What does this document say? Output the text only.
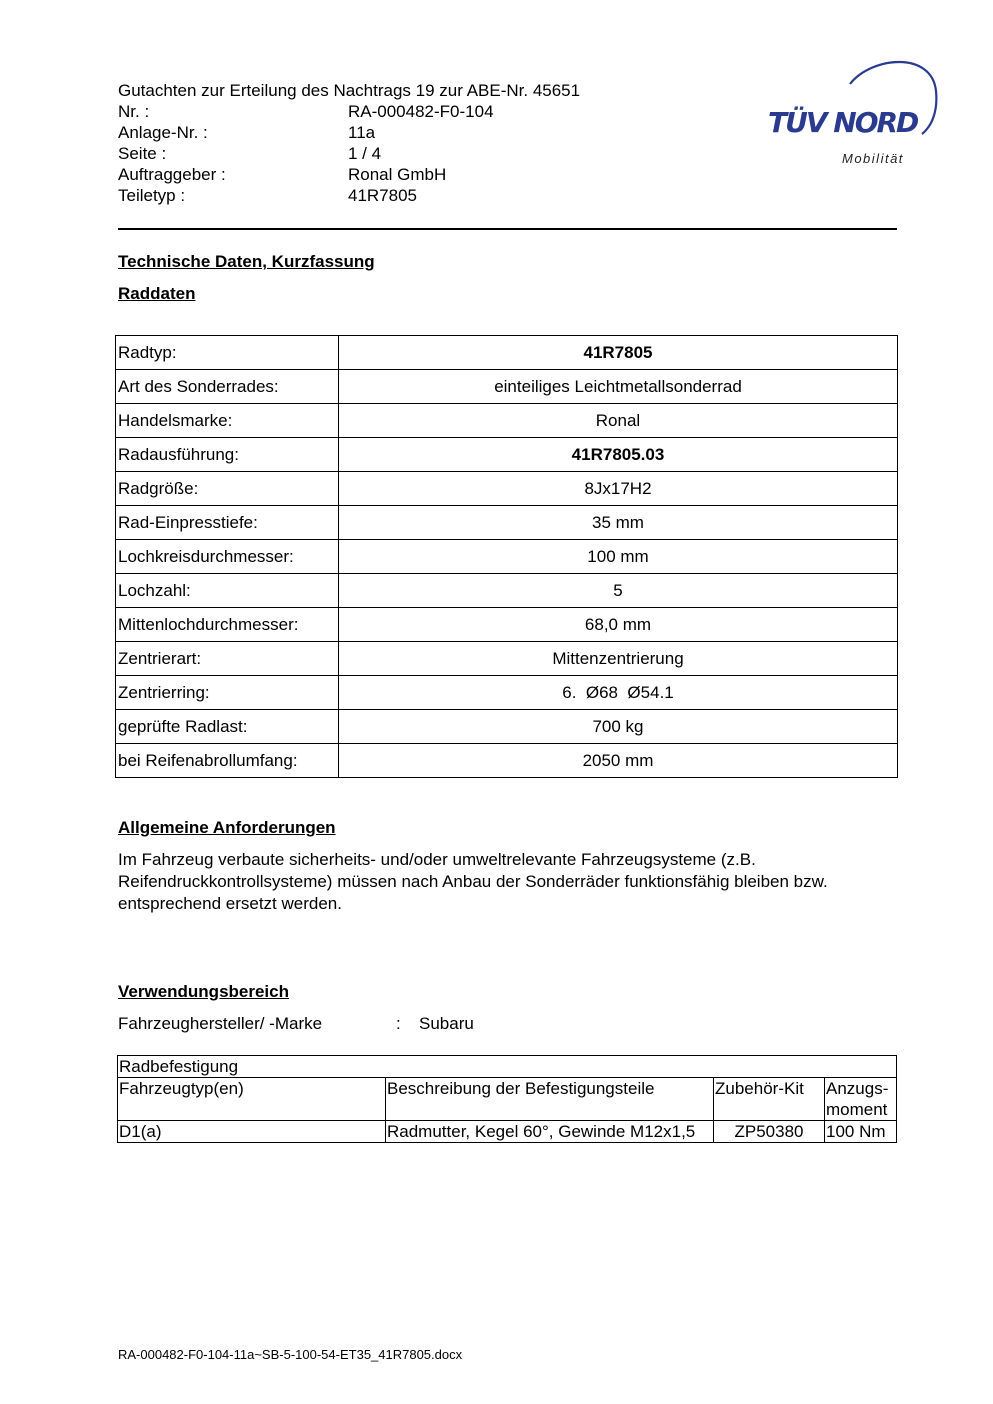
Gutachten zur Erteilung des Nachtrags 19 zur ABE-Nr. 45651
Nr. :	RA-000482-F0-104
Anlage-Nr. :	11a
Seite :	1 / 4
Auftraggeber :	Ronal GmbH
Teiletyp :	41R7805
TÜV NORD
Mobilität
Technische Daten, Kurzfassung
Raddaten
Radtyp:	41R7805
Art des Sonderrades:	einteiliges Leichtmetallsonderrad
Handelsmarke:	Ronal
Radausführung:	41R7805.03
Radgröße:	8Jx17H2
Rad-Einpresstiefe:	35 mm
Lochkreisdurchmesser:	100 mm
Lochzahl:	5
Mittenlochdurchmesser:	68,0 mm
Zentrierart:	Mittenzentrierung
Zentrierring:	6.  Ø68  Ø54.1
geprüfte Radlast:	700 kg
bei Reifenabrollumfang:	2050 mm
Allgemeine Anforderungen
Im Fahrzeug verbaute sicherheits- und/oder umweltrelevante Fahrzeugsysteme (z.B. Reifendruckkontrollsysteme) müssen nach Anbau der Sonderräder funktionsfähig bleiben bzw. entsprechend ersetzt werden.
Verwendungsbereich
Fahrzeughersteller/ -Marke	: Subaru
Radbefestigung			
Fahrzeugtyp(en)	Beschreibung der Befestigungsteile	Zubehör-Kit	Anzugs-moment
D1(a)	Radmutter, Kegel 60°, Gewinde M12x1,5	ZP50380	100 Nm
RA-000482-F0-104-11a~SB-5-100-54-ET35_41R7805.docx
